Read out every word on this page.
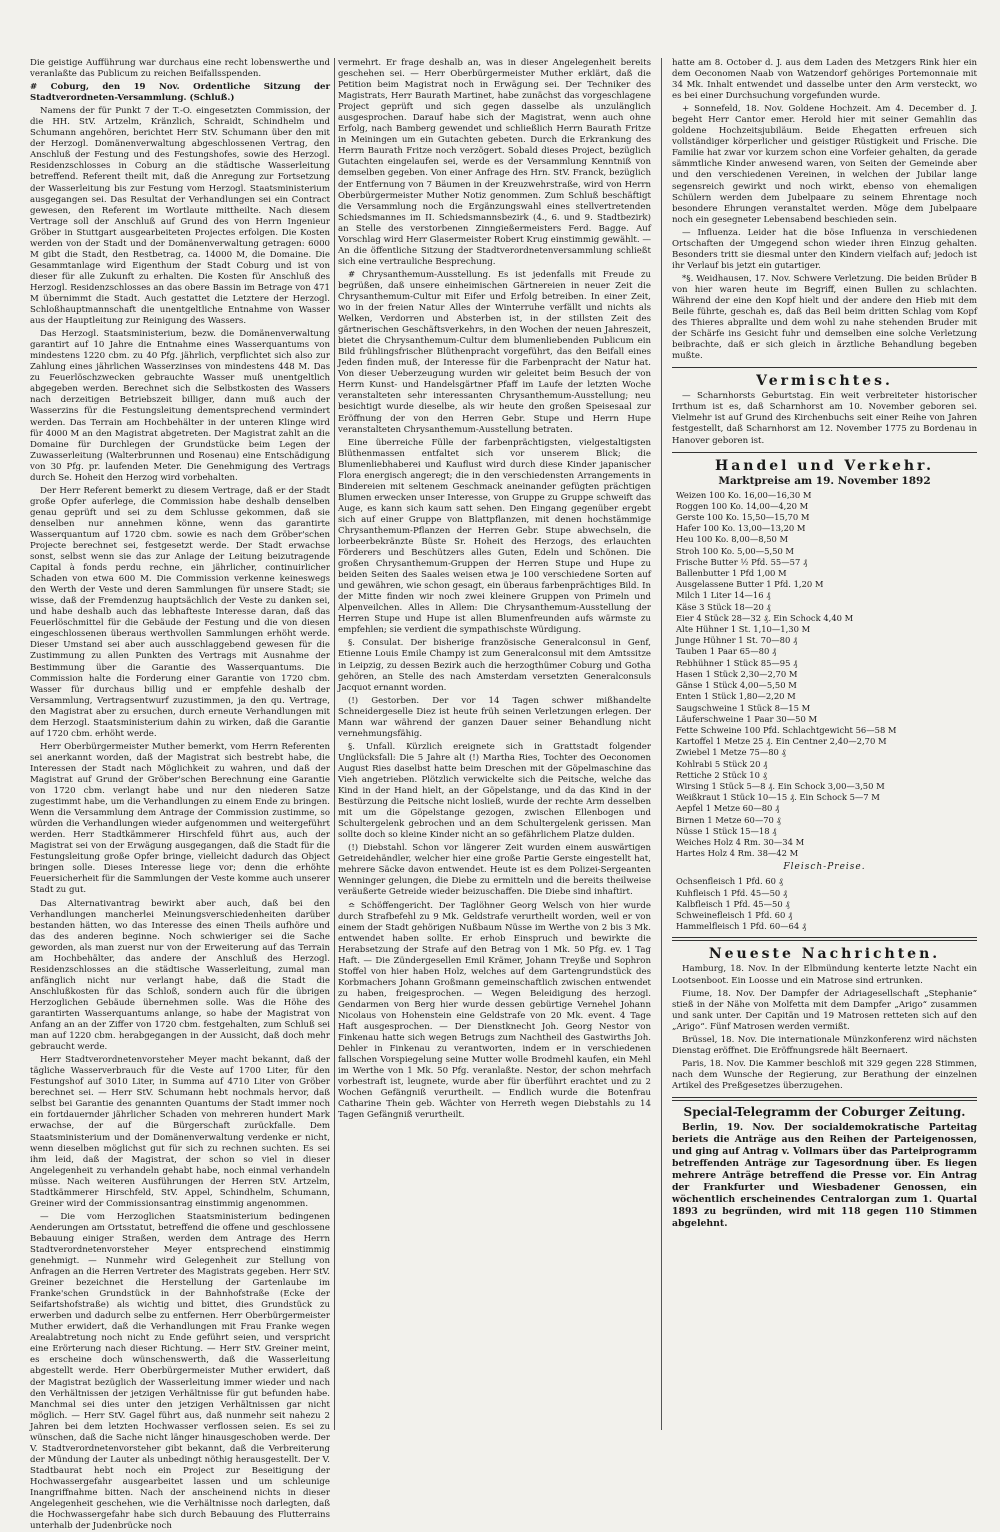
Die geistige Aufführung war durchaus eine recht lobenswerthe und veranlaßte das Publicum zu reichen Beifallsspenden.

# Coburg, den 19 Nov. Ordentliche Sitzung der Stadtverordneten-Versammlung. (Schluß.)

Namens der für Punkt 7 der T.-O. eingesetzten Commission, der die HH. StV. Artzelm, Kränzlich, Schraidt, Schindhelm und Schumann angehören, berichtet Herr StV. Schumann über den mit der Herzogl. Domänenverwaltung abgeschlossenen Vertrag, den Anschluß der Festung und des Festungshofes, sowie des Herzogl. Residenzschlosses in Coburg an die städtische Wasserleitung betreffend. Referent theilt mit, daß die Anregung zur Fortsetzung der Wasserleitung bis zur Festung vom Herzogl. Staatsministerium ausgegangen sei. Das Resultat der Verhandlungen sei ein Contract gewesen, den Referent im Wortlaute mittheilte. Nach diesem Vertrage soll der Anschluß auf Grund des von Herrn Ingenieur Gröber in Stuttgart ausgearbeiteten Projectes erfolgen. Die Kosten werden von der Stadt und der Domänenverwaltung getragen: 6000 M gibt die Stadt, den Restbetrag, ca. 14000 M, die Domaine. Die Gesammtanlage wird Eigenthum der Stadt Coburg und ist von dieser für alle Zukunft zu erhalten. Die Kosten für Anschluß des Herzogl. Residenzschlosses an das obere Bassin im Betrage von 471 M übernimmt die Stadt. Auch gestattet die Letztere der Herzogl. Schloßhauptmannschaft die unentgeltliche Entnahme von Wasser aus der Hauptleitung zur Reinigung des Wassers.

Das Herzogl. Staatsministerium, bezw. die Domänenverwaltung garantirt auf 10 Jahre die Entnahme eines Wasserquantums von mindestens 1220 cbm. zu 40 Pfg. jährlich, verpflichtet sich also zur Zahlung eines jährlichen Wasserzinses von mindestens 448 M. Das zu Feuerlöschzwecken gebrauchte Wasser muß unentgeltlich abgegeben werden. Berechnet sich die Selbstkosten des Wassers nach derzeitigen Betriebszeit billiger, dann muß auch der Wasserzins für die Festungsleitung dementsprechend vermindert werden. Das Terrain am Hochbehälter in der unteren Klinge wird für 4000 M an den Magistrat abgetreten. Der Magistrat zahlt an die Domaine für Durchlegen der Grundstücke beim Legen der Zuwasserleitung (Walterbrunnen und Rosenau) eine Entschädigung von 30 Pfg. pr. laufenden Meter. Die Genehmigung des Vertrags durch Se. Hoheit den Herzog wird vorbehalten.

Der Herr Referent bemerkt zu diesem Vertrage, daß er der Stadt große Opfer auferlege, die Commission habe deshalb denselben genau geprüft und sei zu dem Schlusse gekommen, daß sie denselben nur annehmen könne, wenn das garantirte Wasserquantum auf 1720 cbm. sowie es nach dem Gröber'schen Projecte berechnet sei, festgesetzt werde. Der Stadt erwachse sonst, selbst wenn sie das zur Anlage der Leitung beizutragende Capital à fonds perdu rechne, ein jährlicher, continuirlicher Schaden von etwa 600 M. Die Commission verkenne keineswegs den Werth der Veste und deren Sammlungen für unsere Stadt; sie wisse, daß der Fremdenzug hauptsächlich der Veste zu danken sei, und habe deshalb auch das lebhafteste Interesse daran, daß das Feuerlöschmittel für die Gebäude der Festung und die von diesen eingeschlossenen überaus werthvollen Sammlungen erhöht werde. Dieser Umstand sei aber auch ausschlaggebend gewesen für die Zustimmung zu allen Punkten des Vertrags mit Ausnahme der Bestimmung über die Garantie des Wasserquantums. Die Commission halte die Forderung einer Garantie von 1720 cbm. Wasser für durchaus billig und er empfehle deshalb der Versammlung, Vertragsentwurf zuzustimmen, ja den qu. Vertrage, den Magistrat aber zu ersuchen, durch erneute Verhandlungen mit dem Herzogl. Staatsministerium dahin zu wirken, daß die Garantie auf 1720 cbm. erhöht werde.

Herr Oberbürgermeister Muther bemerkt, vom Herrn Referenten sei anerkannt worden, daß der Magistrat sich bestrebt habe, die Interessen der Stadt nach Möglichkeit zu wahren, und daß der Magistrat auf Grund der Gröber'schen Berechnung eine Garantie von 1720 cbm. verlangt habe und nur den niederen Satze zugestimmt habe, um die Verhandlungen zu einem Ende zu bringen. Wenn die Versammlung dem Antrage der Commission zustimme, so würden die Verhandlungen wieder aufgenommen und weitergeführt werden. Herr Stadtkämmerer Hirschfeld führt aus, auch der Magistrat sei von der Erwägung ausgegangen, daß die Stadt für die Festungsleitung große Opfer bringe, vielleicht dadurch das Object bringen solle. Dieses Interesse liege vor; denn die erhöhte Feuersicherheit für die Sammlungen der Veste komme auch unserer Stadt zu gut.

Das Alternativantrag bewirkt aber auch, daß bei den Verhandlungen mancherlei Meinungsverschiedenheiten darüber bestanden hätten, wo das Interesse des einen Theils aufhöre und das des anderen beginne. Noch schwieriger sei die Sache geworden, als man zuerst nur von der Erweiterung auf das Terrain am Hochbehälter, das andere der Anschluß des Herzogl. Residenzschlosses an die städtische Wasserleitung, zumal man anfänglich nicht nur verlangt habe, daß die Stadt die Anschlußkosten für das Schloß, sondern auch für die übrigen Herzoglichen Gebäude übernehmen solle. Was die Höhe des garantirten Wasserquantums anlange, so habe der Magistrat von Anfang an an der Ziffer von 1720 cbm. festgehalten, zum Schluß sei man auf 1220 cbm. herabgegangen in der Aussicht, daß doch mehr gebraucht werde.

Herr Stadtverordnetenvorsteher Meyer macht bekannt, daß der tägliche Wasserverbrauch für die Veste auf 1700 Liter, für den Festungshof auf 3010 Liter, in Summa auf 4710 Liter von Gröber berechnet sei. — Herr StV. Schumann hebt nochmals hervor, daß selbst bei Garantie des genannten Quantums der Stadt immer noch ein fortdauernder jährlicher Schaden von mehreren hundert Mark erwachse, der auf die Bürgerschaft zurückfalle. Dem Staatsministerium und der Domänenverwaltung verdenke er nicht, wenn dieselben möglichst gut für sich zu rechnen suchten. Es sei ihm leid, daß der Magistrat, der schon so viel in dieser Angelegenheit zu verhandeln gehabt habe, noch einmal verhandeln müsse. Nach weiteren Ausführungen der Herren StV. Artzelm, Stadtkämmerer Hirschfeld, StV. Appel, Schindhelm, Schumann, Greiner wird der Commissionsantrag einstimmig angenommen.

— Die vom Herzoglichen Staatsministerium bedingenen Aenderungen am Ortsstatut, betreffend die offene und geschlossene Bebauung einiger Straßen, werden dem Antrage des Herrn Stadtverordnetenvorsteher Meyer entsprechend einstimmig genehmigt. — Nunmehr wird Gelegenheit zur Stellung von Anfragen an die Herren Vertreter des Magistrats gegeben. Herr StV. Greiner bezeichnet die Herstellung der Gartenlaube im Franke'schen Grundstück in der Bahnhofstraße (Ecke der Seifartshofstraße) als wichtig und bittet, dies Grundstück zu erwerben und dadurch selbe zu entfernen. Herr Oberbürgermeister Muther erwidert, daß die Verhandlungen mit Frau Franke wegen Arealabtretung noch nicht zu Ende geführt seien, und verspricht eine Erörterung nach dieser Richtung. — Herr StV. Greiner meint, es erscheine doch wünschenswerth, daß die Wasserleitung abgestellt werde. Herr Oberbürgermeister Muther erwidert, daß der Magistrat bezüglich der Wasserleitung immer wieder und nach den Verhältnissen der jetzigen Verhältnisse für gut befunden habe. Manchmal sei dies unter den jetzigen Verhältnissen gar nicht möglich. — Herr StV. Gagel führt aus, daß nunmehr seit nahezu 2 Jahren bei dem letzten Hochwasser verflossen seien. Es sei zu wünschen, daß die Sache nicht länger hinausgeschoben werde. Der V. Stadtverordnetenvorsteher gibt bekannt, daß die Verbreiterung der Mündung der Lauter als unbedingt nöthig herausgestellt. Der V. Stadtbaurat hebt noch ein Project zur Beseitigung der Hochwassergefahr ausgearbeitet lassen und um schleunige Inangriffnahme bitten. Nach der anscheinend nichts in dieser Angelegenheit geschehen, wie die Verhältnisse noch darlegten, daß die Hochwassergefahr habe sich durch Bebauung des Flutterrains unterhalb der Judenbrücke noch

vermehrt. Er frage deshalb an, was in dieser Angelegenheit bereits geschehen sei. — Herr Oberbürgermeister Muther erklärt, daß die Petition beim Magistrat noch in Erwägung sei. Der Techniker des Magistrats, Herr Baurath Martinet, habe zunächst das vorgeschlagene Project geprüft und sich gegen dasselbe als unzulänglich ausgesprochen. Darauf habe sich der Magistrat, wenn auch ohne Erfolg, nach Bamberg gewendet und schließlich Herrn Baurath Fritze in Meiningen um ein Gutachten gebeten. Durch die Erkrankung des Herrn Baurath Fritze noch verzögert. Sobald dieses Project, bezüglich Gutachten eingelaufen sei, werde es der Versammlung Kenntniß von demselben gegeben. Von einer Anfrage des Hrn. StV. Franck, bezüglich der Entfernung von 7 Bäumen in der Kreuzwehrstraße, wird von Herrn Oberbürgermeister Muther Notiz genommen. Zum Schluß beschäftigt die Versammlung noch die Ergänzungswahl eines stellvertretenden Schiedsmannes im II. Schiedsmannsbezirk (4., 6. und 9. Stadtbezirk) an Stelle des verstorbenen Zinngießermeisters Ferd. Bagge. Auf Vorschlag wird Herr Glasermeister Robert Krug einstimmig gewählt. — An die öffentliche Sitzung der Stadtverordnetenversammlung schließt sich eine vertrauliche Besprechung.

# Chrysanthemum-Ausstellung. Es ist jedenfalls mit Freude zu begrüßen, daß unsere einheimischen Gärtnereien in neuer Zeit die Chrysanthemum-Cultur mit Eifer und Erfolg betreiben. In einer Zeit, wo in der freien Natur Alles der Winterruhe verfällt und nichts als Welken, Verdorren und Absterben ist, in der stillsten Zeit des gärtnerischen Geschäftsverkehrs, in den Wochen der neuen Jahreszeit, bietet die Chrysanthemum-Cultur dem blumenliebenden Publicum ein Bild frühlingsfrischer Blüthenpracht vorgeführt, das den Beifall eines Jeden finden muß, der Interesse für die Farbenpracht der Natur hat. Von dieser Ueberzeugung wurden wir geleitet beim Besuch der von Herrn Kunst- und Handelsgärtner Pfaff im Laufe der letzten Woche veranstalteten sehr interessanten Chrysanthemum-Ausstellung; neu besichtigt wurde dieselbe, als wir heute den großen Speisesaal zur Eröffnung der von den Herren Gebr. Stupe und Herrn Hupe veranstalteten Chrysanthemum-Ausstellung betraten.

Eine überreiche Fülle der farbenprächtigsten, vielgestaltigsten Blüthenmassen entfaltet sich vor unserem Blick; die Blumenliebhaberei und Kauflust wird durch diese Kinder japanischer Flora energisch angeregt; die in den verschiedensten Arrangements in Bindereien mit seltenem Geschmack aneinander gefügten prächtigen Blumen erwecken unser Interesse, von Gruppe zu Gruppe schweift das Auge, es kann sich kaum satt sehen. Den Eingang gegenüber ergebt sich auf einer Gruppe von Blattpflanzen, mit denen hochstämmige Chrysanthemum-Pflanzen der Herren Gebr. Stupe abwechseln, die lorbeerbekränzte Büste Sr. Hoheit des Herzogs, des erlauchten Förderers und Beschützers alles Guten, Edeln und Schönen. Die großen Chrysanthemum-Gruppen der Herren Stupe und Hupe zu beiden Seiten des Saales weisen etwa je 100 verschiedene Sorten auf und gewähren, wie schon gesagt, ein überaus farbenprächtiges Bild. In der Mitte finden wir noch zwei kleinere Gruppen von Primeln und Alpenveilchen. Alles in Allem: Die Chrysanthemum-Ausstellung der Herren Stupe und Hupe ist allen Blumenfreunden aufs wärmste zu empfehlen; sie verdient die sympathischste Würdigung.

§. Consulat. Der bisherige französische Generalconsul in Genf, Etienne Louis Emile Champy ist zum Generalconsul mit dem Amtssitze in Leipzig, zu dessen Bezirk auch die herzogthümer Coburg und Gotha gehören, an Stelle des nach Amsterdam versetzten Generalconsuls Jacquot ernannt worden.

(!) Gestorben. Der vor 14 Tagen schwer mißhandelte Schneidergeselle Diez ist heute früh seinen Verletzungen erlegen. Der Mann war während der ganzen Dauer seiner Behandlung nicht vernehmungsfähig.

§. Unfall. Kürzlich ereignete sich in Grattstadt folgender Unglücksfall: Die 5 Jahre alt (!) Martha Ries, Tochter des Oeconomen August Ries daselbst hatte beim Dreschen mit der Göpelmaschine das Vieh angetrieben. Plötzlich verwickelte sich die Peitsche, welche das Kind in der Hand hielt, an der Göpelstange, und da das Kind in der Bestürzung die Peitsche nicht losließ, wurde der rechte Arm desselben mit um die Göpelstange gezogen, zwischen Ellenbogen und Schultergelenk gebrochen und an dem Schultergelenk gerissen. Man sollte doch so kleine Kinder nicht an so gefährlichem Platze dulden.

(!) Diebstahl. Schon vor längerer Zeit wurden einem auswärtigen Getreidehändler, welcher hier eine große Partie Gerste eingestellt hat, mehrere Säcke davon entwendet. Heute ist es dem Polizei-Sergeanten Wenninger gelungen, die Diebe zu ermitteln und die bereits theilweise veräußerte Getreide wieder beizuschaffen. Die Diebe sind inhaftirt.

≏ Schöffengericht. Der Taglöhner Georg Welsch von hier wurde durch Strafbefehl zu 9 Mk. Geldstrafe verurtheilt worden, weil er von einem der Stadt gehörigen Nußbaum Nüsse im Werthe von 2 bis 3 Mk. entwendet haben sollte. Er erhob Einspruch und bewirkte die Herabsetzung der Strafe auf den Betrag von 1 Mk. 50 Pfg. ev. 1 Tag Haft. — Die Zündergesellen Emil Krämer, Johann Treyße und Sophron Stoffel von hier haben Holz, welches auf dem Gartengrundstück des Korbmachers Johann Großmann gemeinschaftlich zwischen entwendet zu haben, freigesprochen. — Wegen Beleidigung des herzogl. Gendarmen von Berg hier wurde dessen gebürtige Vernehel Johann Nicolaus von Hohenstein eine Geldstrafe von 20 Mk. event. 4 Tage Haft ausgesprochen. — Der Dienstknecht Joh. Georg Nestor von Finkenau hatte sich wegen Betrugs zum Nachtheil des Gastwirths Joh. Dehler in Finkenau zu verantworten, indem er in verschiedenen fallschen Vorspiegelung seine Mutter wolle Brodmehl kaufen, ein Mehl im Werthe von 1 Mk. 50 Pfg. veranlaßte. Nestor, der schon mehrfach vorbestraft ist, leugnete, wurde aber für überführt erachtet und zu 2 Wochen Gefängniß verurtheilt. — Endlich wurde die Botenfrau Catharine Thein geb. Wächter von Herreth wegen Diebstahls zu 14 Tagen Gefängniß verurtheilt.

hatte am 8. October d. J. aus dem Laden des Metzgers Rink hier ein dem Oeconomen Naab von Watzendorf gehöriges Portemonnaie mit 34 Mk. Inhalt entwendet und dasselbe unter den Arm versteckt, wo es bei einer Durchsuchung vorgefunden wurde.

+ Sonnefeld, 18. Nov. Goldene Hochzeit. Am 4. December d. J. begeht Herr Cantor emer. Herold hier mit seiner Gemahlin das goldene Hochzeitsjubiläum. Beide Ehegatten erfreuen sich vollständiger körperlicher und geistiger Rüstigkeit und Frische. Die Familie hat zwar vor kurzem schon eine Vorfeier gehalten, da gerade sämmtliche Kinder anwesend waren, von Seiten der Gemeinde aber und den verschiedenen Vereinen, in welchen der Jubilar lange segensreich gewirkt und noch wirkt, ebenso von ehemaligen Schülern werden dem Jubelpaare zu seinem Ehrentage noch besondere Ehrungen veranstaltet werden. Möge dem Jubelpaare noch ein gesegneter Lebensabend beschieden sein.

— Influenza. Leider hat die böse Influenza in verschiedenen Ortschaften der Umgegend schon wieder ihren Einzug gehalten. Besonders tritt sie diesmal unter den Kindern vielfach auf; jedoch ist ihr Verlauf bis jetzt ein gutartiger.

*§. Weidhausen, 17. Nov. Schwere Verletzung. Die beiden Brüder B von hier waren heute im Begriff, einen Bullen zu schlachten. Während der eine den Kopf hielt und der andere den Hieb mit dem Beile führte, geschah es, daß das Beil beim dritten Schlag vom Kopf des Thieres abprallte und dem wohl zu nahe stehenden Bruder mit der Schärfe ins Gesicht fuhr und demselben eine solche Verletzung beibrachte, daß er sich gleich in ärztliche Behandlung begeben mußte.

Vermischtes.

— Scharnhorsts Geburtstag. Ein weit verbreiteter historischer Irrthum ist es, daß Scharnhorst am 10. November geboren sei. Vielmehr ist auf Grund des Kirchenbuchs seit einer Reihe von Jahren festgestellt, daß Scharnhorst am 12. November 1775 zu Bordenau in Hanover geboren ist.

Handel und Verkehr.
Marktpreise am 19. November 1892
Weizen 100 Ko. 16,00—16,30 M
Roggen 100 Ko. 14,00—4,20 M
Gerste 100 Ko. 15,50—15,70 M
Hafer 100 Ko. 13,00—13,20 M
Heu 100 Ko. 8,00—8,50 M
Stroh 100 Ko. 5,00—5,50 M
Frische Butter ½ Pfd. 55—57 ₰
Ballenbutter 1 Pfd 1,00 M
Ausgelassene Butter 1 Pfd. 1,20 M
Milch 1 Liter 14—16 ₰
Käse 3 Stück 18—20 ₰
Eier 4 Stück 28—32 ₰. Ein Schock 4,40 M
Alte Hühner 1 St. 1,10—1,30 M
Junge Hühner 1 St. 70—80 ₰
Tauben 1 Paar 65—80 ₰
Rebhühner 1 Stück 85—95 ₰
Hasen 1 Stück 2,30—2,70 M
Gänse 1 Stück 4,00—5,50 M
Enten 1 Stück 1,80—2,20 M
Saugschweine 1 Stück 8—15 M
Läuferschweine 1 Paar 30—50 M
Fette Schweine 100 Pfd. Schlachtgewicht 56—58 M
Kartoffel 1 Metze 25 ₰. Ein Centner 2,40—2,70 M
Zwiebel 1 Metze 75—80 ₰
Kohlrabi 5 Stück 20 ₰
Rettiche 2 Stück 10 ₰
Wirsing 1 Stück 5—8 ₰. Ein Schock 3,00—3,50 M
Weißkraut 1 Stück 10—15 ₰. Ein Schock 5—7 M
Aepfel 1 Metze 60—80 ₰
Birnen 1 Metze 60—70 ₰
Nüsse 1 Stück 15—18 ₰
Weiches Holz 4 Rm. 30—34 M
Hartes Holz 4 Rm. 38—42 M
Fleisch-Preise.
Ochsenfleisch 1 Pfd. 60 ₰
Kuhfleisch 1 Pfd. 45—50 ₰
Kalbfleisch 1 Pfd. 45—50 ₰
Schweinefleisch 1 Pfd. 60 ₰
Hammelfleisch 1 Pfd. 60—64 ₰
Neueste Nachrichten.

Hamburg, 18. Nov. In der Elbmündung kenterte letzte Nacht ein Lootsenboot. Ein Loosse und ein Matrose sind ertrunken.

Fiume, 18. Nov. Der Dampfer der Adriagesellschaft „Stephanie“ stieß in der Nähe von Molfetta mit dem Dampfer „Arigo“ zusammen und sank unter. Der Capitän und 19 Matrosen retteten sich auf den „Arigo“. Fünf Matrosen werden vermißt.

Brüssel, 18. Nov. Die internationale Münzkonferenz wird nächsten Dienstag eröffnet. Die Eröffnungsrede hält Beernaert.

Paris, 18. Nov. Die Kammer beschloß mit 329 gegen 228 Stimmen, nach dem Wunsche der Regierung, zur Berathung der einzelnen Artikel des Preßgesetzes überzugehen.

Special-Telegramm der Coburger Zeitung.

Berlin, 19. Nov. Der socialdemokratische Parteitag beriets die Anträge aus den Reihen der Parteigenossen, und ging auf Antrag v. Vollmars über das Parteiprogramm betreffenden Anträge zur Tagesordnung über. Es liegen mehrere Anträge betreffend die Presse vor. Ein Antrag der Frankfurter und Wiesbadener Genossen, ein wöchentlich erscheinendes Centralorgan zum 1. Quartal 1893 zu begründen, wird mit 118 gegen 110 Stimmen abgelehnt.
